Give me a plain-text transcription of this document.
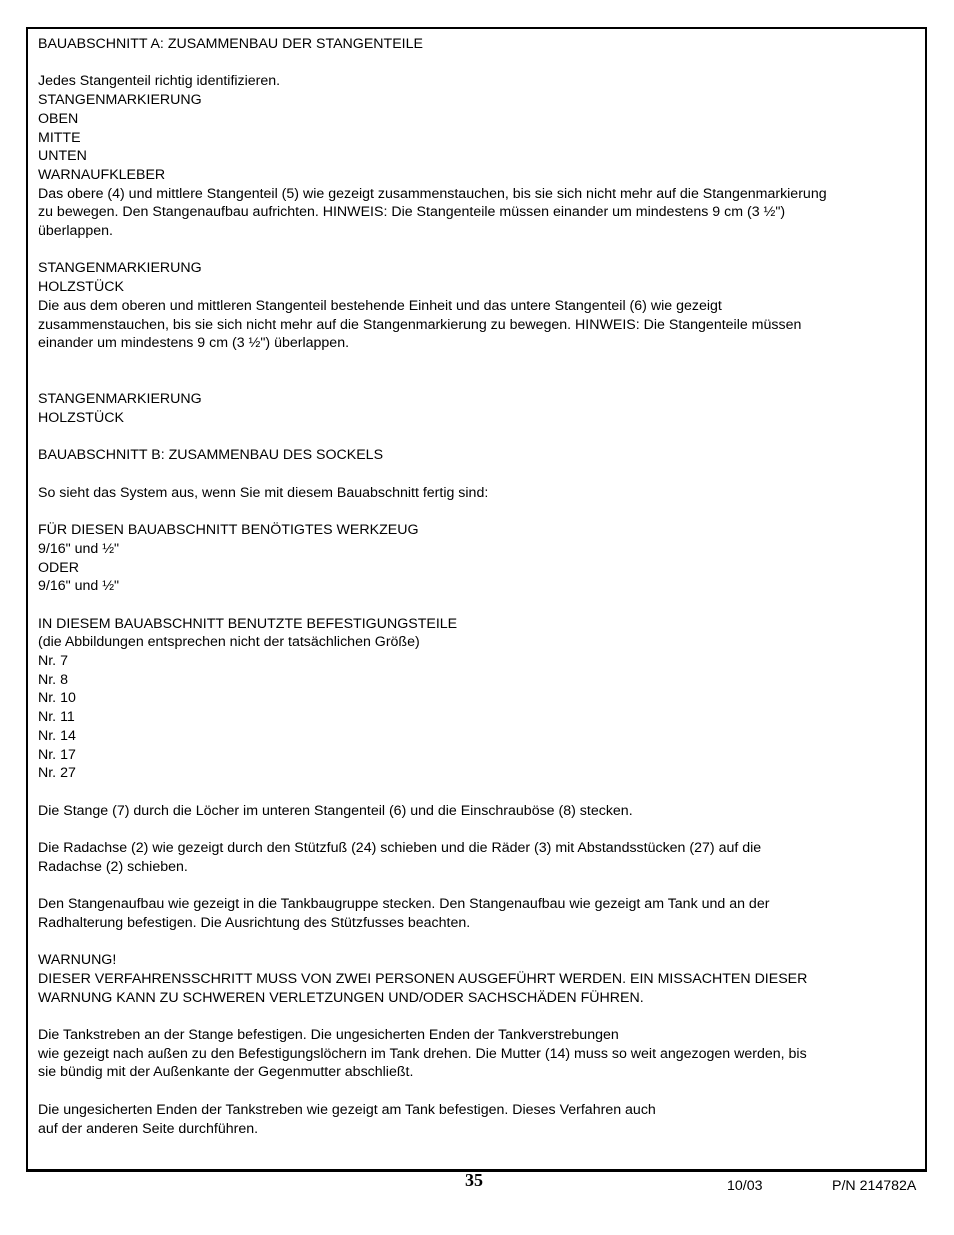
BAUABSCHNITT A: ZUSAMMENBAU DER STANGENTEILE
Jedes Stangenteil richtig identifizieren.
STANGENMARKIERUNG
OBEN
MITTE
UNTEN
WARNAUFKLEBER
Das obere (4) und mittlere Stangenteil (5) wie gezeigt zusammenstauchen, bis sie sich nicht mehr auf die Stangenmarkierung
zu bewegen. Den Stangenaufbau aufrichten. HINWEIS: Die Stangenteile müssen einander um mindestens 9 cm (3 ½")
überlappen.
STANGENMARKIERUNG
HOLZSTÜCK
Die aus dem oberen und mittleren Stangenteil bestehende Einheit und das untere Stangenteil (6) wie gezeigt
zusammenstauchen, bis sie sich nicht mehr auf die Stangenmarkierung zu bewegen. HINWEIS: Die Stangenteile müssen
einander um mindestens 9 cm (3 ½") überlappen.
STANGENMARKIERUNG
HOLZSTÜCK
BAUABSCHNITT B: ZUSAMMENBAU DES SOCKELS
So sieht das System aus, wenn Sie mit diesem Bauabschnitt fertig sind:
FÜR DIESEN BAUABSCHNITT BENÖTIGTES WERKZEUG
9/16" und ½"
ODER
9/16" und ½"
IN DIESEM BAUABSCHNITT BENUTZTE BEFESTIGUNGSTEILE
(die Abbildungen entsprechen nicht der tatsächlichen Größe)
Nr. 7
Nr. 8
Nr. 10
Nr. 11
Nr. 14
Nr. 17
Nr. 27
Die Stange (7) durch die Löcher im unteren Stangenteil (6) und die Einschrauböse (8) stecken.
Die Radachse (2) wie gezeigt durch den Stützfuß (24) schieben und die Räder (3) mit Abstandsstücken (27) auf die
Radachse (2) schieben.
Den Stangenaufbau wie gezeigt in die Tankbaugruppe stecken. Den Stangenaufbau wie gezeigt am Tank und an der
Radhalterung befestigen. Die Ausrichtung des Stützfusses beachten.
WARNUNG!
DIESER VERFAHRENSSCHRITT MUSS VON ZWEI PERSONEN AUSGEFÜHRT WERDEN. EIN MISSACHTEN DIESER
WARNUNG KANN ZU SCHWEREN VERLETZUNGEN UND/ODER SACHSCHÄDEN FÜHREN.
Die Tankstreben an der Stange befestigen. Die ungesicherten Enden der Tankverstrebungen
wie gezeigt nach außen zu den Befestigungslöchern im Tank drehen. Die Mutter (14) muss so weit angezogen werden, bis
sie bündig mit der Außenkante der Gegenmutter abschließt.
Die ungesicherten Enden der Tankstreben wie gezeigt am Tank befestigen. Dieses Verfahren auch
auf der anderen Seite durchführen.
35	10/03	P/N 214782A
